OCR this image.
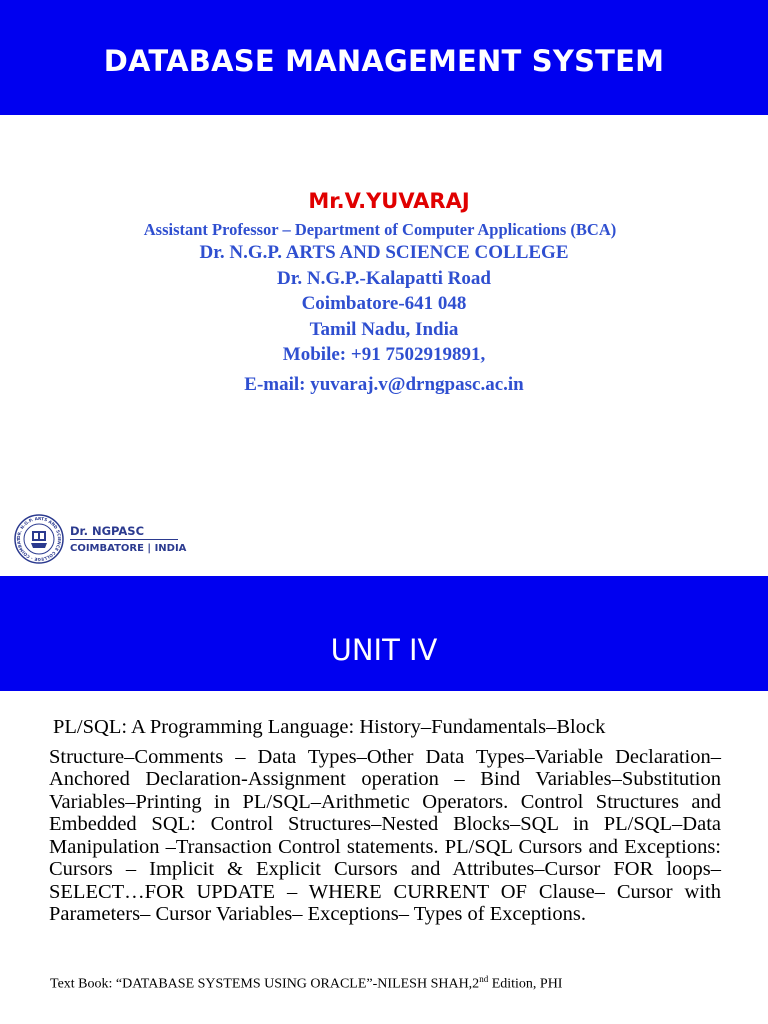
DATABASE MANAGEMENT SYSTEM
Mr.V.YUVARAJ
Assistant Professor – Department of Computer Applications (BCA)
Dr. N.G.P. ARTS AND SCIENCE COLLEGE
Dr. N.G.P.-Kalapatti Road
Coimbatore-641 048
Tamil Nadu, India
Mobile: +91 7502919891,
E-mail: yuvaraj.v@drngpasc.ac.in
DR. N.G.P. ARTS AND SCIENCE COLLEGE · COIMBAT
Dr. NGPASC
COIMBATORE | INDIA
UNIT IV
PL/SQL: A Programming Language: History–Fundamentals–Block
Structure–Comments – Data Types–Other Data Types–Variable Declaration–Anchored Declaration-Assignment operation – Bind Variables–Substitution Variables–Printing in PL/SQL–Arithmetic Operators. Control Structures and Embedded SQL: Control Structures–Nested Blocks–SQL in PL/SQL–Data Manipulation –Transaction Control statements. PL/SQL Cursors and Exceptions: Cursors – Implicit & Explicit Cursors and Attributes–Cursor FOR loops–SELECT…FOR UPDATE – WHERE CURRENT OF Clause– Cursor with Parameters– Cursor Variables– Exceptions– Types of Exceptions.
Text Book: “DATABASE SYSTEMS USING ORACLE”-NILESH SHAH,2nd Edition, PHI
